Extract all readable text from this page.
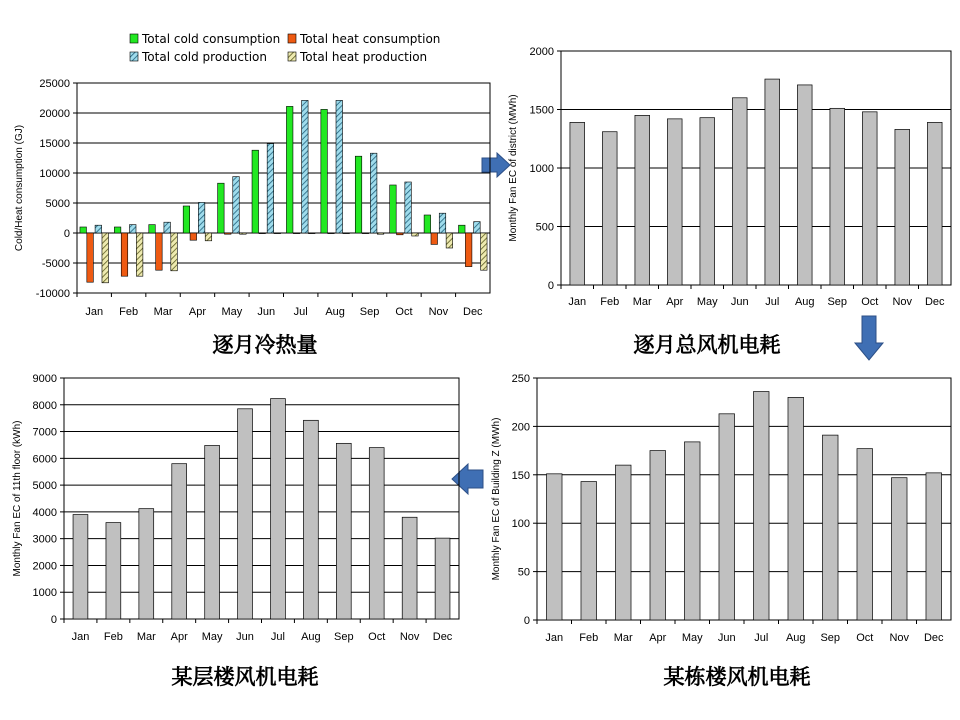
-10000
-5000
0
5000
10000
15000
20000
25000
Jan Feb Mar Apr May Jun Jul Aug Sep Oct Nov Dec
Cold/Heat consumption (GJ)
逐月冷热量
Total cold consumption Total heat consumption
Total cold production	Total heat production
0
500
1000
1500
2000
Jan Feb Mar Apr May Jun Jul Aug Sep Oct Nov Dec
Monthly Fan EC of district (MWh)
逐月总风机电耗
0
1000
2000
3000
4000
5000
6000
7000
8000
9000
Jan Feb Mar Apr May Jun Jul Aug Sep Oct Nov Dec
Monthly Fan EC of 11th floor (kWh)
某层楼风机电耗
0
50
100
150
200
250
Jan Feb Mar Apr May Jun Jul Aug Sep Oct Nov Dec
Monthly Fan EC of Building Z (MWh)
某栋楼风机电耗
